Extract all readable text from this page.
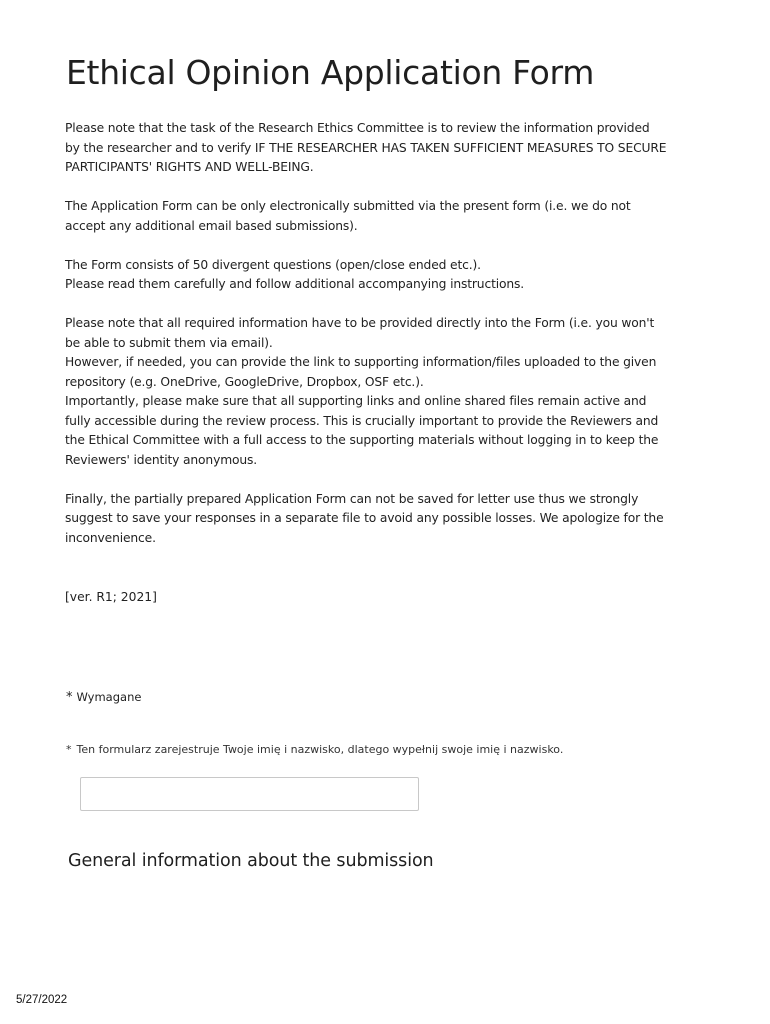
Ethical Opinion Application Form

Please note that the task of the Research Ethics Committee is to review the information provided
by the researcher and to verify IF THE RESEARCHER HAS TAKEN SUFFICIENT MEASURES TO SECURE
PARTICIPANTS' RIGHTS AND WELL-BEING.

The Application Form can be only electronically submitted via the present form (i.e. we do not
accept any additional email based submissions).

The Form consists of 50 divergent questions (open/close ended etc.).
Please read them carefully and follow additional accompanying instructions.

Please note that all required information have to be provided directly into the Form (i.e. you won't
be able to submit them via email).
However, if needed, you can provide the link to supporting information/files uploaded to the given
repository (e.g. OneDrive, GoogleDrive, Dropbox, OSF etc.).
Importantly, please make sure that all supporting links and online shared files remain active and
fully accessible during the review process. This is crucially important to provide the Reviewers and
the Ethical Committee with a full access to the supporting materials without logging in to keep the
Reviewers' identity anonymous.

Finally, the partially prepared Application Form can not be saved for letter use thus we strongly
suggest to save your responses in a separate file to avoid any possible losses. We apologize for the
inconvenience.

[ver. R1; 2021]
* Wymagane
* Ten formularz zarejestruje Twoje imię i nazwisko, dlatego wypełnij swoje imię i nazwisko.
General information about the submission
5/27/2022
